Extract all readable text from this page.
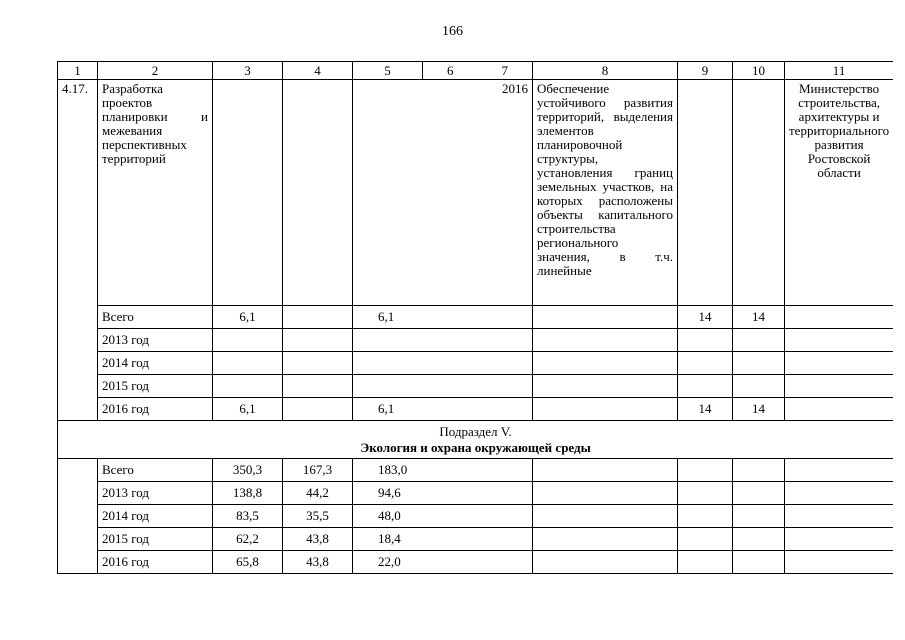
166
1	2	3	4	5	6	7	8	9	10	11
4.17.	Разработка проектов планировки и межевания перспективных территорий					2016	Обеспечение устойчивого развития территорий, выделения элементов планировочной структуры, установления границ земельных участков, на которых расположены объекты капитального строительства регионального значения, в т.ч. линейные			Министерство строительства, архитектуры и территориального развития Ростовской области
	Всего	6,1		6,1				14	14	
	2013 год									
	2014 год									
	2015 год									
	2016 год	6,1		6,1				14	14	

Подраздел V.
Экология и охрана окружающей среды										

	Всего	350,3	167,3	183,0						
	2013 год	138,8	44,2	94,6						
	2014 год	83,5	35,5	48,0						
	2015 год	62,2	43,8	18,4						
	2016 год	65,8	43,8	22,0						
